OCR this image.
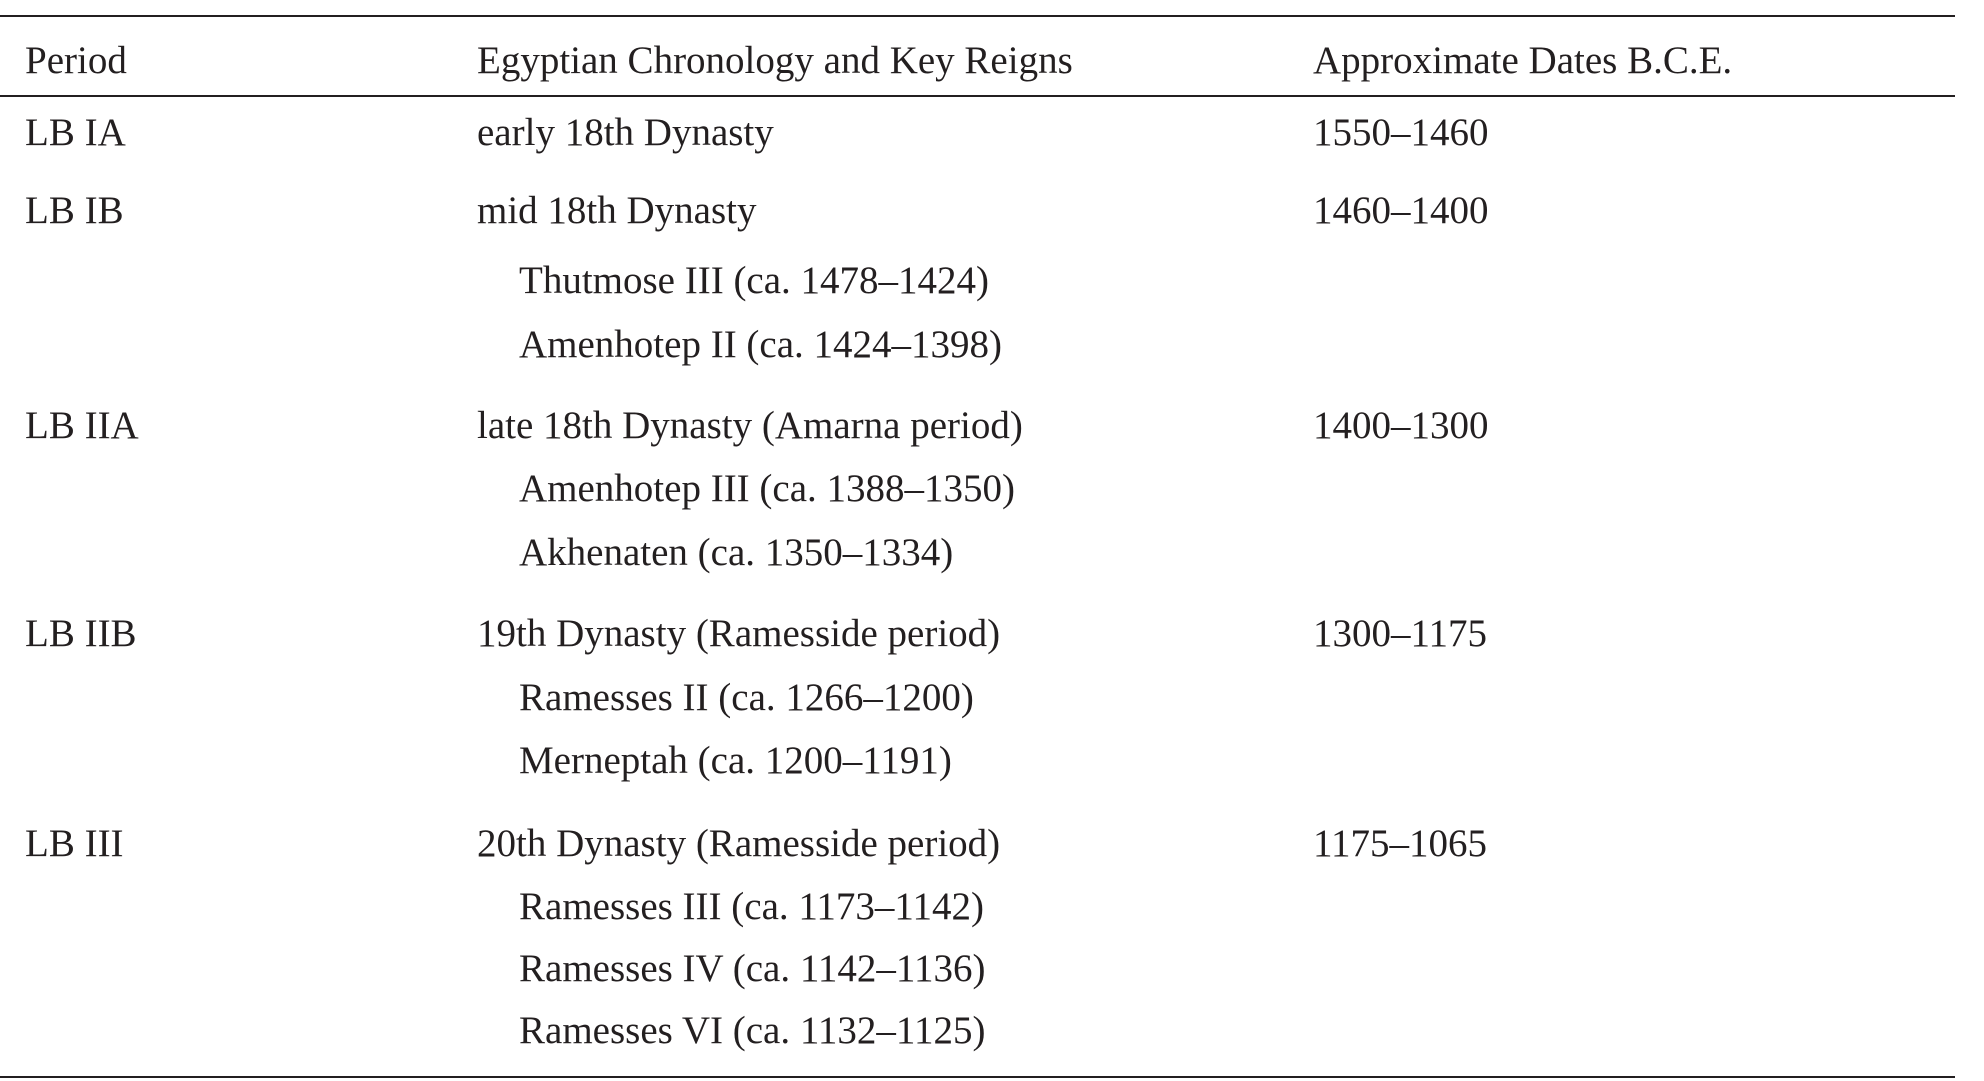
Period	Egyptian Chronology and Key Reigns	Approximate Dates B.C.E.
LB IA	early 18th Dynasty	1550–1460
LB IB	mid 18th Dynasty	1460–1400
Thutmose III (ca. 1478–1424)
Amenhotep II (ca. 1424–1398)
LB IIA	late 18th Dynasty (Amarna period)	1400–1300
Amenhotep III (ca. 1388–1350)
Akhenaten (ca. 1350–1334)
LB IIB	19th Dynasty (Ramesside period)	1300–1175
Ramesses II (ca. 1266–1200)
Merneptah (ca. 1200–1191)
LB III	20th Dynasty (Ramesside period)	1175–1065
Ramesses III (ca. 1173–1142)
Ramesses IV (ca. 1142–1136)
Ramesses VI (ca. 1132–1125)
